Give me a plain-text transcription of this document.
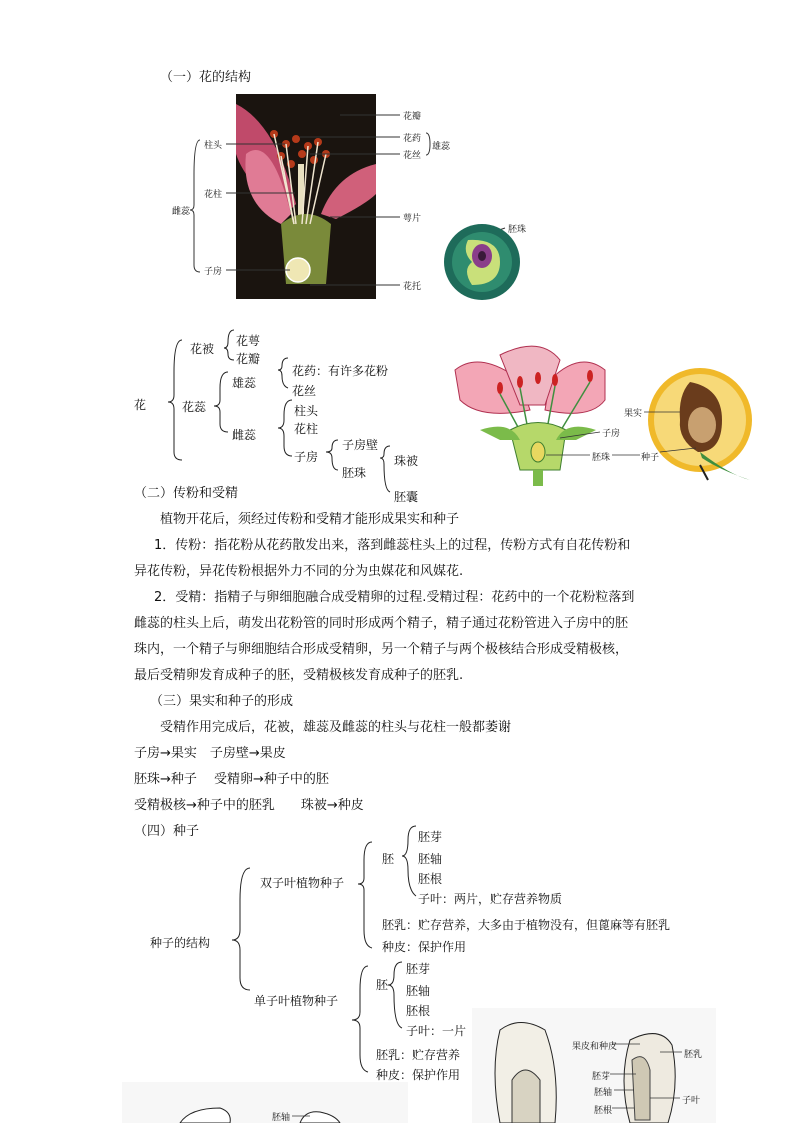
（一）花的结构
花瓣
花药
花丝
雄蕊
柱头
花柱
雌蕊
萼片
子房
花托
胚珠
花
花被
花萼
花瓣
花蕊
雄蕊
花药：有许多花粉
花丝
雌蕊
柱头
花柱
子房
子房壁
胚珠
珠被
胚囊
子房
胚珠
果实
种子
（二）传粉和受精
植物开花后，须经过传粉和受精才能形成果实和种子
1．传粉：指花粉从花药散发出来，落到雌蕊柱头上的过程，传粉方式有自花传粉和
异花传粉，异花传粉根据外力不同的分为虫媒花和风媒花.
2．受精：指精子与卵细胞融合成受精卵的过程.受精过程：花药中的一个花粉粒落到
雌蕊的柱头上后，萌发出花粉管的同时形成两个精子，精子通过花粉管进入子房中的胚
珠内，一个精子与卵细胞结合形成受精卵，另一个精子与两个极核结合形成受精极核，
最后受精卵发育成种子的胚，受精极核发育成种子的胚乳.
（三）果实和种子的形成
受精作用完成后，花被，雄蕊及雌蕊的柱头与花柱一般都萎谢
子房→果实　子房壁→果皮
胚珠→种子　 受精卵→种子中的胚
受精极核→种子中的胚乳　　珠被→种皮
（四）种子
种子的结构
双子叶植物种子
胚
胚芽
胚轴
胚根
子叶：两片，贮存营养物质
胚乳：贮存营养，大多由于植物没有，但蓖麻等有胚乳
种皮：保护作用
单子叶植物种子
胚
胚芽
胚轴
胚根
子叶：一片
胚乳：贮存营养
种皮：保护作用
果皮和种皮
胚乳
胚芽
胚轴
胚根
子叶
胚轴
